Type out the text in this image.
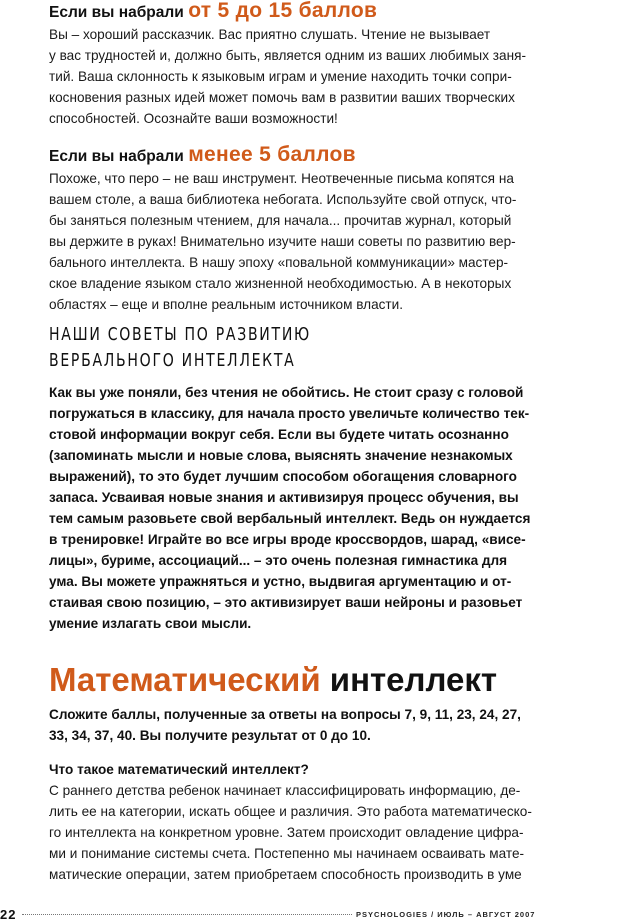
Если вы набрали от 5 до 15 баллов

Вы – хороший рассказчик. Вас приятно слушать. Чтение не вызывает

у вас трудностей и, должно быть, является одним из ваших любимых заня-

тий. Ваша склонность к языковым играм и умение находить точки сопри-

косновения разных идей может помочь вам в развитии ваших творческих

способностей. Осознайте ваши возможности!

Если вы набрали менее 5 баллов

Похоже, что перо – не ваш инструмент. Неотвеченные письма копятся на

вашем столе, а ваша библиотека небогата. Используйте свой отпуск, что-

бы заняться полезным чтением, для начала... прочитав журнал, который

вы держите в руках! Внимательно изучите наши советы по развитию вер-

бального интеллекта. В нашу эпоху «повальной коммуникации» мастер-

ское владение языком стало жизненной необходимостью. А в некоторых

областях – еще и вполне реальным источником власти.

НАШИ СОВЕТЫ ПО РАЗВИТИЮ
ВЕРБАЛЬНОГО ИНТЕЛЛЕКТА

Как вы уже поняли, без чтения не обойтись. Не стоит сразу с головой

погружаться в классику, для начала просто увеличьте количество тек-

стовой информации вокруг себя. Если вы будете читать осознанно

(запоминать мысли и новые слова, выяснять значение незнакомых

выражений), то это будет лучшим способом обогащения словарного

запаса. Усваивая новые знания и активизируя процесс обучения, вы

тем самым разовьете свой вербальный интеллект. Ведь он нуждается

в тренировке! Играйте во все игры вроде кроссвордов, шарад, «висе-

лицы», буриме, ассоциаций... – это очень полезная гимнастика для

ума. Вы можете упражняться и устно, выдвигая аргументацию и от-

стаивая свою позицию, – это активизирует ваши нейроны и разовьет

умение излагать свои мысли.

Математический интеллект

Сложите баллы, полученные за ответы на вопросы 7, 9, 11, 23, 24, 27,

33, 34, 37, 40. Вы получите результат от 0 до 10.

Что такое математический интеллект?

С раннего детства ребенок начинает классифицировать информацию, де-

лить ее на категории, искать общее и различия. Это работа математическо-

го интеллекта на конкретном уровне. Затем происходит овладение цифра-

ми и понимание системы счета. Постепенно мы начинаем осваивать мате-

матические операции, затем приобретаем способность производить в уме

22	PSYCHOLOGIES / ИЮЛЬ – АВГУСТ 2007
